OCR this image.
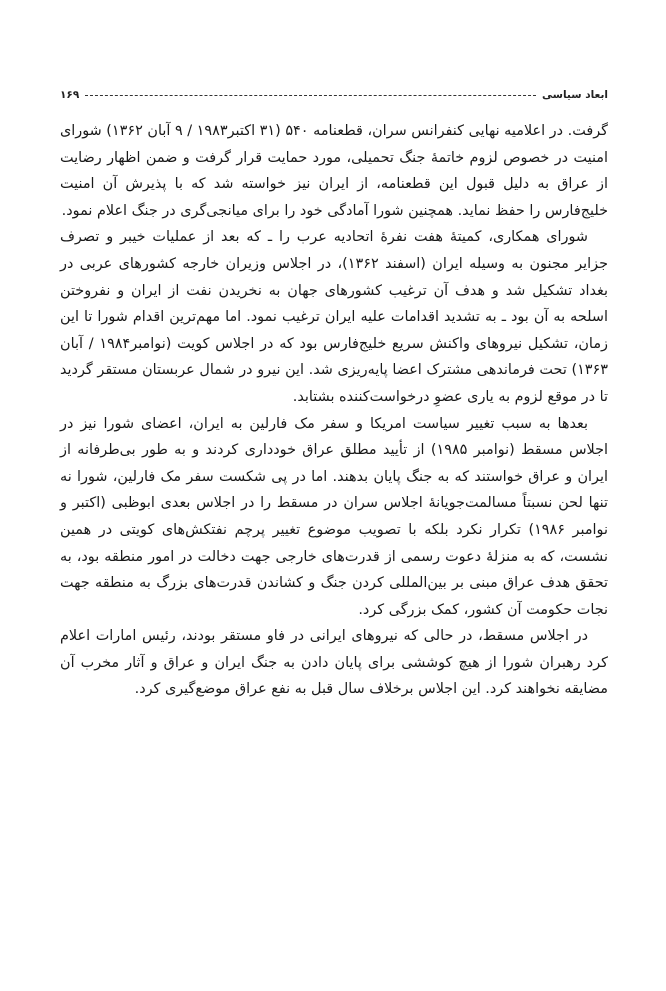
ابعاد سیاسی
۱۶۹

گرفت. در اعلامیه نهایی کنفرانس سران، قطعنامه ۵۴۰ (۳۱ اکتبر۱۹۸۳ / ۹ آبان ۱۳۶۲) شورای امنیت در خصوص لزوم خاتمۀ جنگ تحمیلی، مورد حمایت قرار گرفت و ضمن اظهار رضایت از عراق به دلیل قبول این قطعنامه، از ایران نیز خواسته شد که با پذیرش آن امنیت خلیج‌فارس را حفظ نماید. همچنین شورا آمادگی خود را برای میانجی‌گری در جنگ اعلام نمود.

شورای همکاری، کمیتۀ هفت نفرۀ اتحادیه عرب را ـ که بعد از عملیات خیبر و تصرف جزایر مجنون به وسیله ایران (اسفند ۱۳۶۲)، در اجلاس وزیران خارجه کشورهای عربی در بغداد تشکیل شد و هدف آن ترغیب کشورهای جهان به نخریدن نفت از ایران و نفروختن اسلحه به آن بود ـ به تشدید اقدامات علیه ایران ترغیب نمود. اما مهم‌ترین اقدام شورا تا این زمان، تشکیل نیروهای واکنش سریع خلیج‌فارس بود که در اجلاس کویت (نوامبر۱۹۸۴ / آبان ۱۳۶۳) تحت فرماندهی مشترک اعضا پایه‌ریزی شد. این نیرو در شمال عربستان مستقر گردید تا در موقع لزوم به یاری عضوِ درخواست‌کننده بشتابد.

بعدها به سبب تغییر سیاست امریکا و سفر مک فارلین به ایران، اعضای شورا نیز در اجلاس مسقط (نوامبر ۱۹۸۵) از تأیید مطلق عراق خودداری کردند و به طور بی‌طرفانه از ایران و عراق خواستند که به جنگ پایان بدهند. اما در پی شکست سفر مک فارلین، شورا نه تنها لحن نسبتاً مسالمت‌جویانۀ اجلاس سران در مسقط را در اجلاس بعدی ابوظبی (اکتبر و نوامبر ۱۹۸۶) تکرار نکرد بلکه با تصویب موضوع تغییر پرچم نفتکش‌های کویتی در همین نشست، که به منزلۀ دعوت رسمی از قدرت‌های خارجی جهت دخالت در امور منطقه بود، به تحقق هدف عراق مبنی بر بین‌المللی کردن جنگ و کشاندن قدرت‌های بزرگ به منطقه جهت نجات حکومت آن کشور، کمک بزرگی کرد.

در اجلاس مسقط، در حالی که نیروهای ایرانی در فاو مستقر بودند، رئیس امارات اعلام کرد رهبران شورا از هیچ کوششی برای پایان دادن به جنگ ایران و عراق و آثار مخرب آن مضایقه نخواهند کرد. این اجلاس برخلاف سال قبل به نفع عراق موضع‌گیری کرد.
